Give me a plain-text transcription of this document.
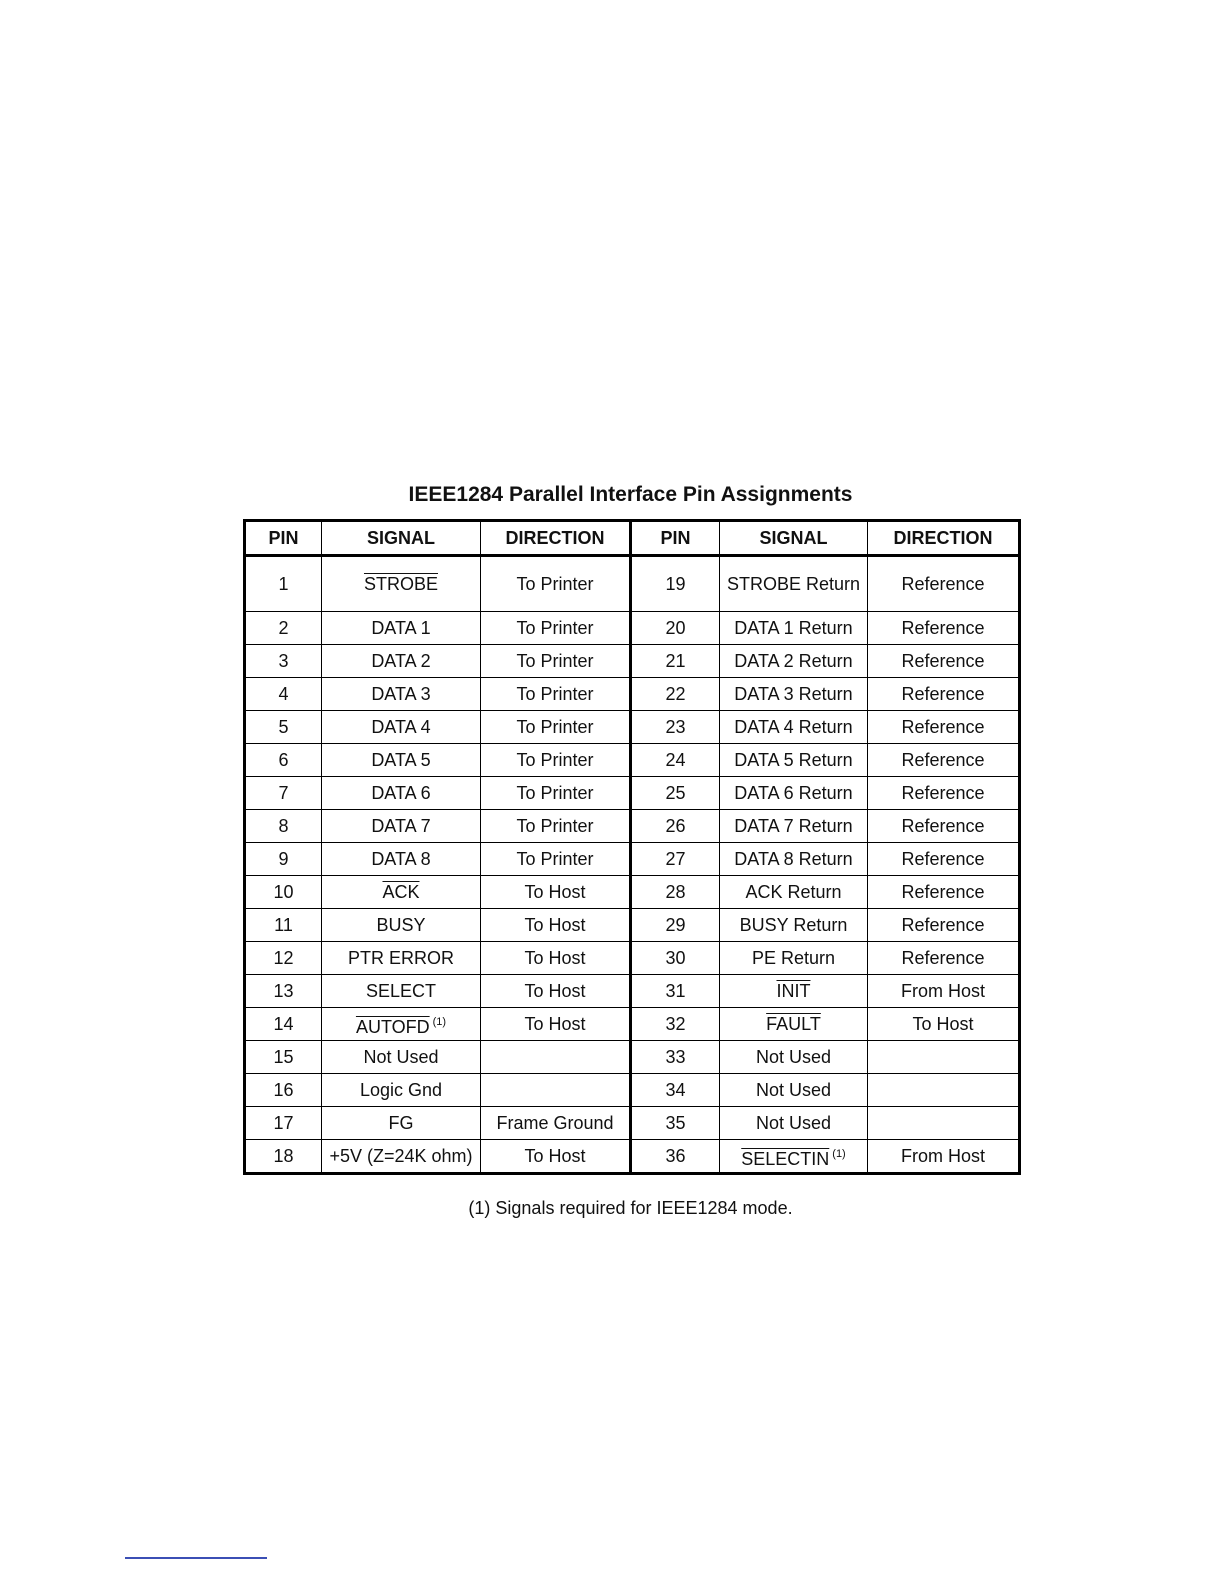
IEEE1284 Parallel Interface Pin Assignments
PIN	SIGNAL	DIRECTION	PIN	SIGNAL	DIRECTION
1	STROBE	To Printer	19	STROBE Return	Reference
2	DATA 1	To Printer	20	DATA 1 Return	Reference
3	DATA 2	To Printer	21	DATA 2 Return	Reference
4	DATA 3	To Printer	22	DATA 3 Return	Reference
5	DATA 4	To Printer	23	DATA 4 Return	Reference
6	DATA 5	To Printer	24	DATA 5 Return	Reference
7	DATA 6	To Printer	25	DATA 6 Return	Reference
8	DATA 7	To Printer	26	DATA 7 Return	Reference
9	DATA 8	To Printer	27	DATA 8 Return	Reference
10	$\overline{ACK}$	To Host	28	ACK Return	Reference
11	BUSY	To Host	29	BUSY Return	Reference
12	PTR ERROR	To Host	30	PE Return	Reference
13	SELECT	To Host	31	INIT	From Host
14	AUTOFD $^{(1)}$	To Host	32	FAULT	To Host
15	Not Used		33	Not Used	
16	Logic Gnd		34	Not Used	
17	FG	Frame Ground	35	Not Used	
18	+5V (Z=24K ohm)	To Host	36	SELECTIN $^{(1)}$	From Host
(1) Signals required for IEEE1284 mode.
